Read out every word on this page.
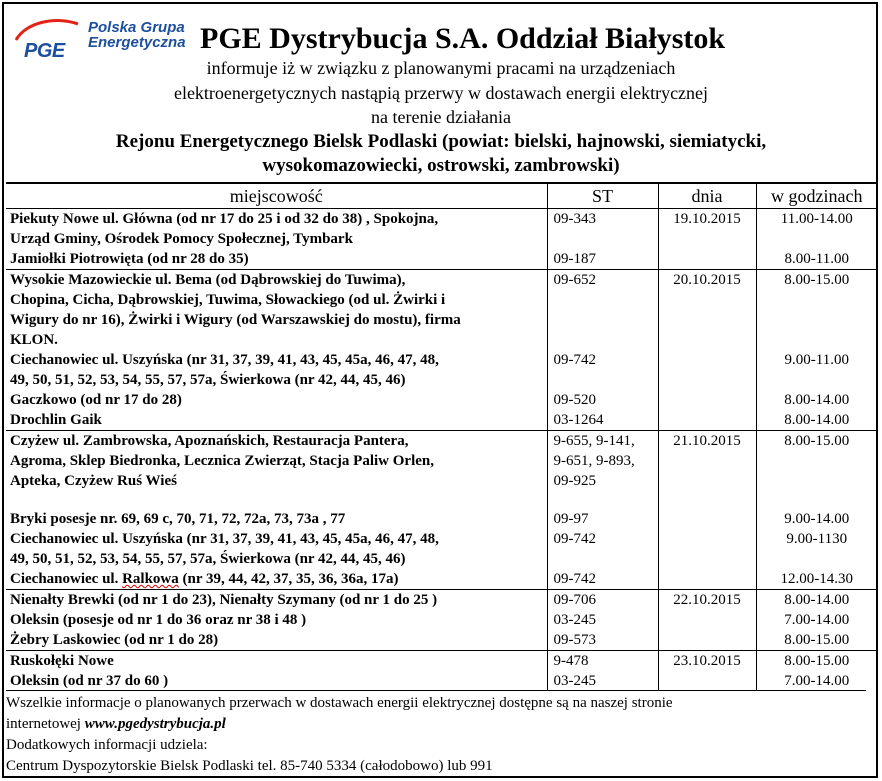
PGE
Polska Grupa
Energetyczna PGE Dystrybucja S.A. Oddział Białystok
informuje iż w związku z planowanymi pracami na urządzeniach
elektroenergetycznych nastąpią przerwy w dostawach energii elektrycznej
na terenie działania
Rejonu Energetycznego Bielsk Podlaski (powiat: bielski, hajnowski, siemiatycki,
wysokomazowiecki, ostrowski, zambrowski)
miejscowość	ST	dnia	w godzinach

Piekuty Nowe ul. Główna (od nr 17 do 25 i od 32 do 38) , Spokojna,
Urząd Gminy, Ośrodek Pomocy Społecznej, Tymbark	09-343	19.10.2015	11.00-14.00

Jamiołki Piotrowięta (od nr 28 do 35)	09-187		8.00-11.00

Wysokie Mazowieckie ul. Bema (od Dąbrowskiej do Tuwima),
Chopina, Cicha, Dąbrowskiej, Tuwima, Słowackiego (od ul. Żwirki i
Wigury do nr 16), Żwirki i Wigury (od Warszawskiej do mostu), firma
KLON.	09-652	20.10.2015	8.00-15.00

Ciechanowiec ul. Uszyńska (nr 31, 37, 39, 41, 43, 45, 45a, 46, 47, 48,
49, 50, 51, 52, 53, 54, 55, 57, 57a, Świerkowa (nr 42, 44, 45, 46)	09-742		9.00-11.00

Gaczkowo (od nr 17 do 28)	09-520		8.00-14.00

Drochlin Gaik	03-1264		8.00-14.00

Czyżew ul. Zambrowska, Apoznańskich, Restauracja Pantera,
Agroma, Sklep Biedronka, Lecznica Zwierząt, Stacja Paliw Orlen,
Apteka, Czyżew Ruś Wieś	9-655, 9-141,
9-651, 9-893,
09-925	21.10.2015	8.00-15.00

Bryki posesje nr. 69, 69 c, 70, 71, 72, 72a, 73, 73a , 77	09-97		9.00-14.00

Ciechanowiec ul. Uszyńska (nr 31, 37, 39, 41, 43, 45, 45a, 46, 47, 48,
49, 50, 51, 52, 53, 54, 55, 57, 57a, Świerkowa (nr 42, 44, 45, 46)	09-742		9.00-1130

Ciechanowiec ul. Ralkowa (nr 39, 44, 42, 37, 35, 36, 36a, 17a)	09-742		12.00-14.30

Nienałty Brewki (od nr 1 do 23), Nienałty Szymany (od nr 1 do 25 )	09-706	22.10.2015	8.00-14.00

Oleksin (posesje od nr 1 do 36 oraz nr 38 i 48 )	03-245		7.00-14.00

Żebry Laskowiec (od nr 1 do 28)	09-573		8.00-15.00

Ruskołęki Nowe	9-478	23.10.2015	8.00-15.00

Oleksin (od nr 37 do 60 )	03-245		7.00-14.00
Wszelkie informacje o planowanych przerwach w dostawach energii elektrycznej dostępne są na naszej stronie
internetowej www.pgedystrybucja.pl
Dodatkowych informacji udziela:
Centrum Dyspozytorskie Bielsk Podlaski tel. 85-740 5334 (całodobowo) lub 991
